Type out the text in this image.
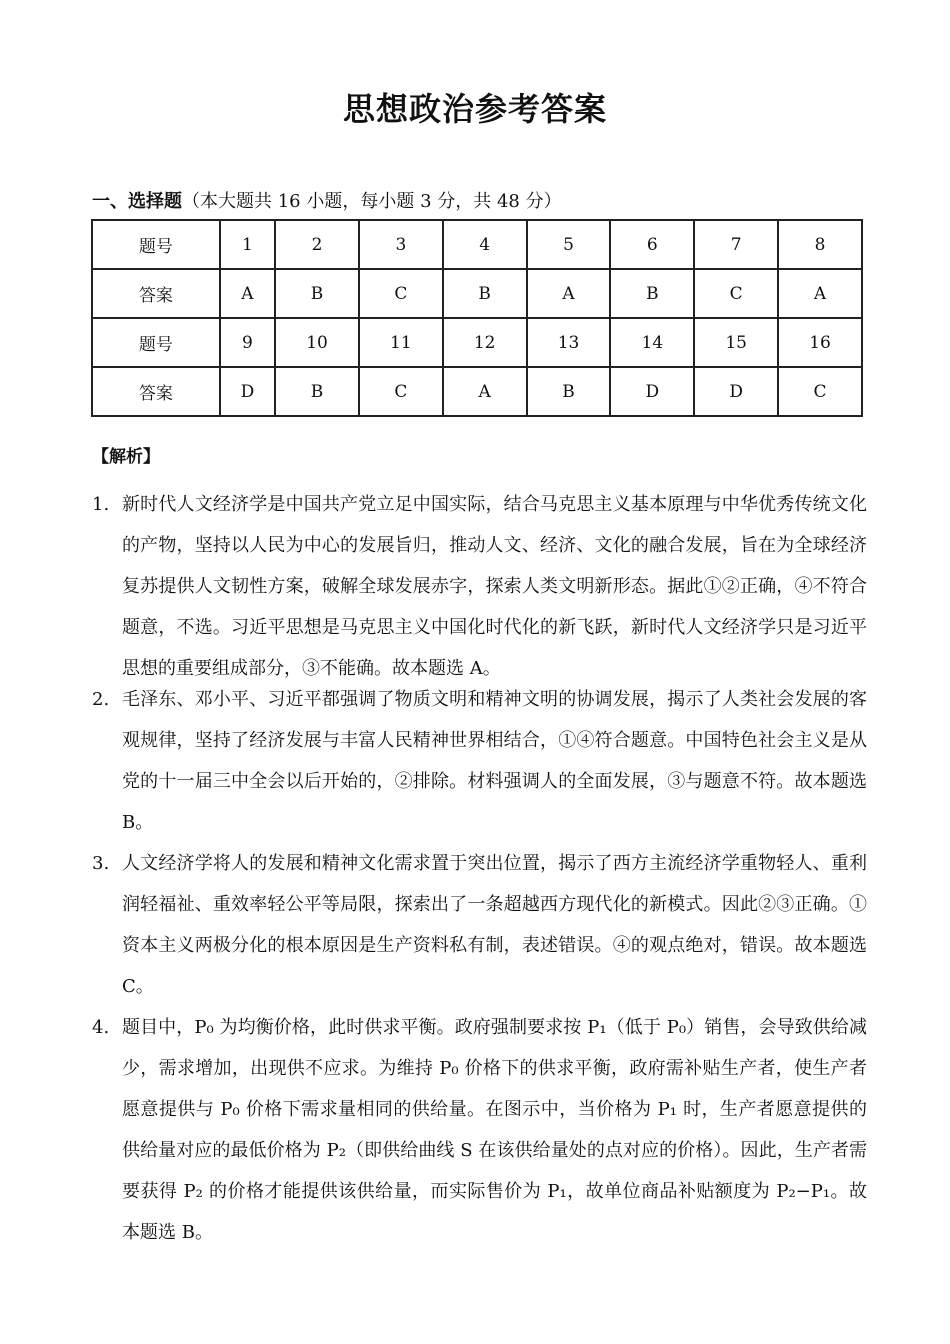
思想政治参考答案
一、选择题（本大题共 16 小题，每小题 3 分，共 48 分）
题号	1	2	3	4	5	6	7	8
答案	A	B	C	B	A	B	C	A
题号	9	10	11	12	13	14	15	16
答案	D	B	C	A	B	D	D	C
【解析】
1. 新时代人文经济学是中国共产党立足中国实际，结合马克思主义基本原理与中华优秀传统文化的产物，坚持以人民为中心的发展旨归，推动人文、经济、文化的融合发展，旨在为全球经济复苏提供人文韧性方案，破解全球发展赤字，探索人类文明新形态。据此①②正确，④不符合题意，不选。习近平思想是马克思主义中国化时代化的新飞跃，新时代人文经济学只是习近平思想的重要组成部分，③不能确。故本题选 A。
2. 毛泽东、邓小平、习近平都强调了物质文明和精神文明的协调发展，揭示了人类社会发展的客观规律，坚持了经济发展与丰富人民精神世界相结合，①④符合题意。中国特色社会主义是从党的十一届三中全会以后开始的，②排除。材料强调人的全面发展，③与题意不符。故本题选 B。
3. 人文经济学将人的发展和精神文化需求置于突出位置，揭示了西方主流经济学重物轻人、重利润轻福祉、重效率轻公平等局限，探索出了一条超越西方现代化的新模式。因此②③正确。①资本主义两极分化的根本原因是生产资料私有制，表述错误。④的观点绝对，错误。故本题选 C。
4. 题目中，P₀ 为均衡价格，此时供求平衡。政府强制要求按 P₁（低于 P₀）销售，会导致供给减少，需求增加，出现供不应求。为维持 P₀ 价格下的供求平衡，政府需补贴生产者，使生产者愿意提供与 P₀ 价格下需求量相同的供给量。在图示中，当价格为 P₁ 时，生产者愿意提供的供给量对应的最低价格为 P₂（即供给曲线 S 在该供给量处的点对应的价格）。因此，生产者需要获得 P₂ 的价格才能提供该供给量，而实际售价为 P₁，故单位商品补贴额度为 P₂−P₁。故本题选 B。
